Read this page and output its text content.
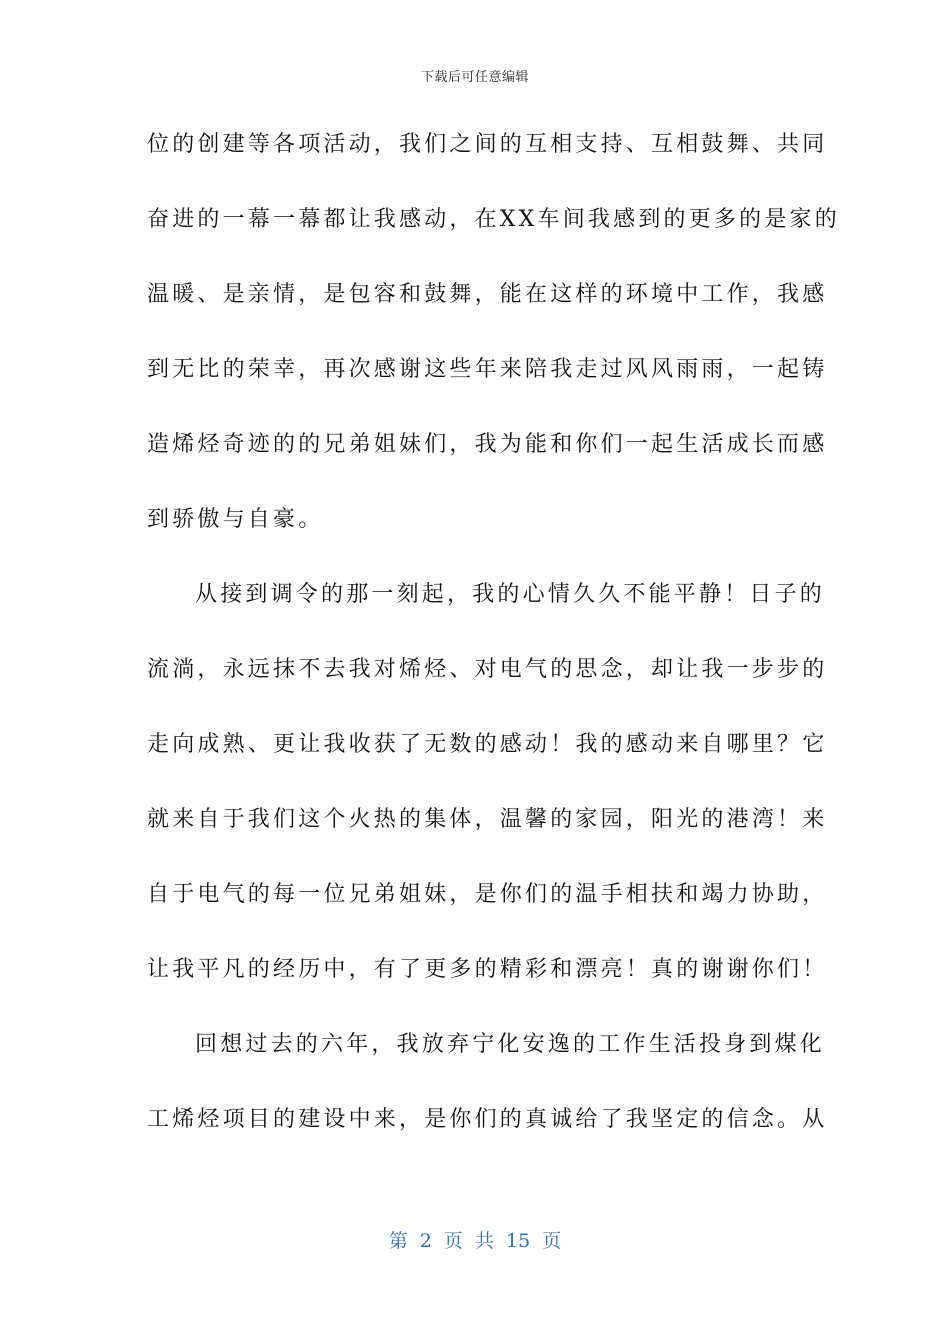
下载后可任意编辑
位的创建等各项活动，我们之间的互相支持、互相鼓舞、共同
奋进的一幕一幕都让我感动，在XX车间我感到的更多的是家的
温暖、是亲情，是包容和鼓舞，能在这样的环境中工作，我感
到无比的荣幸，再次感谢这些年来陪我走过风风雨雨，一起铸
造烯烃奇迹的的兄弟姐妹们，我为能和你们一起生活成长而感
到骄傲与自豪。
从接到调令的那一刻起，我的心情久久不能平静！日子的
流淌，永远抹不去我对烯烃、对电气的思念，却让我一步步的
走向成熟、更让我收获了无数的感动！我的感动来自哪里？它
就来自于我们这个火热的集体，温馨的家园，阳光的港湾！来
自于电气的每一位兄弟姐妹，是你们的温手相扶和竭力协助，
让我平凡的经历中，有了更多的精彩和漂亮！真的谢谢你们！
回想过去的六年，我放弃宁化安逸的工作生活投身到煤化
工烯烃项目的建设中来，是你们的真诚给了我坚定的信念。从
第 2 页 共 15 页
